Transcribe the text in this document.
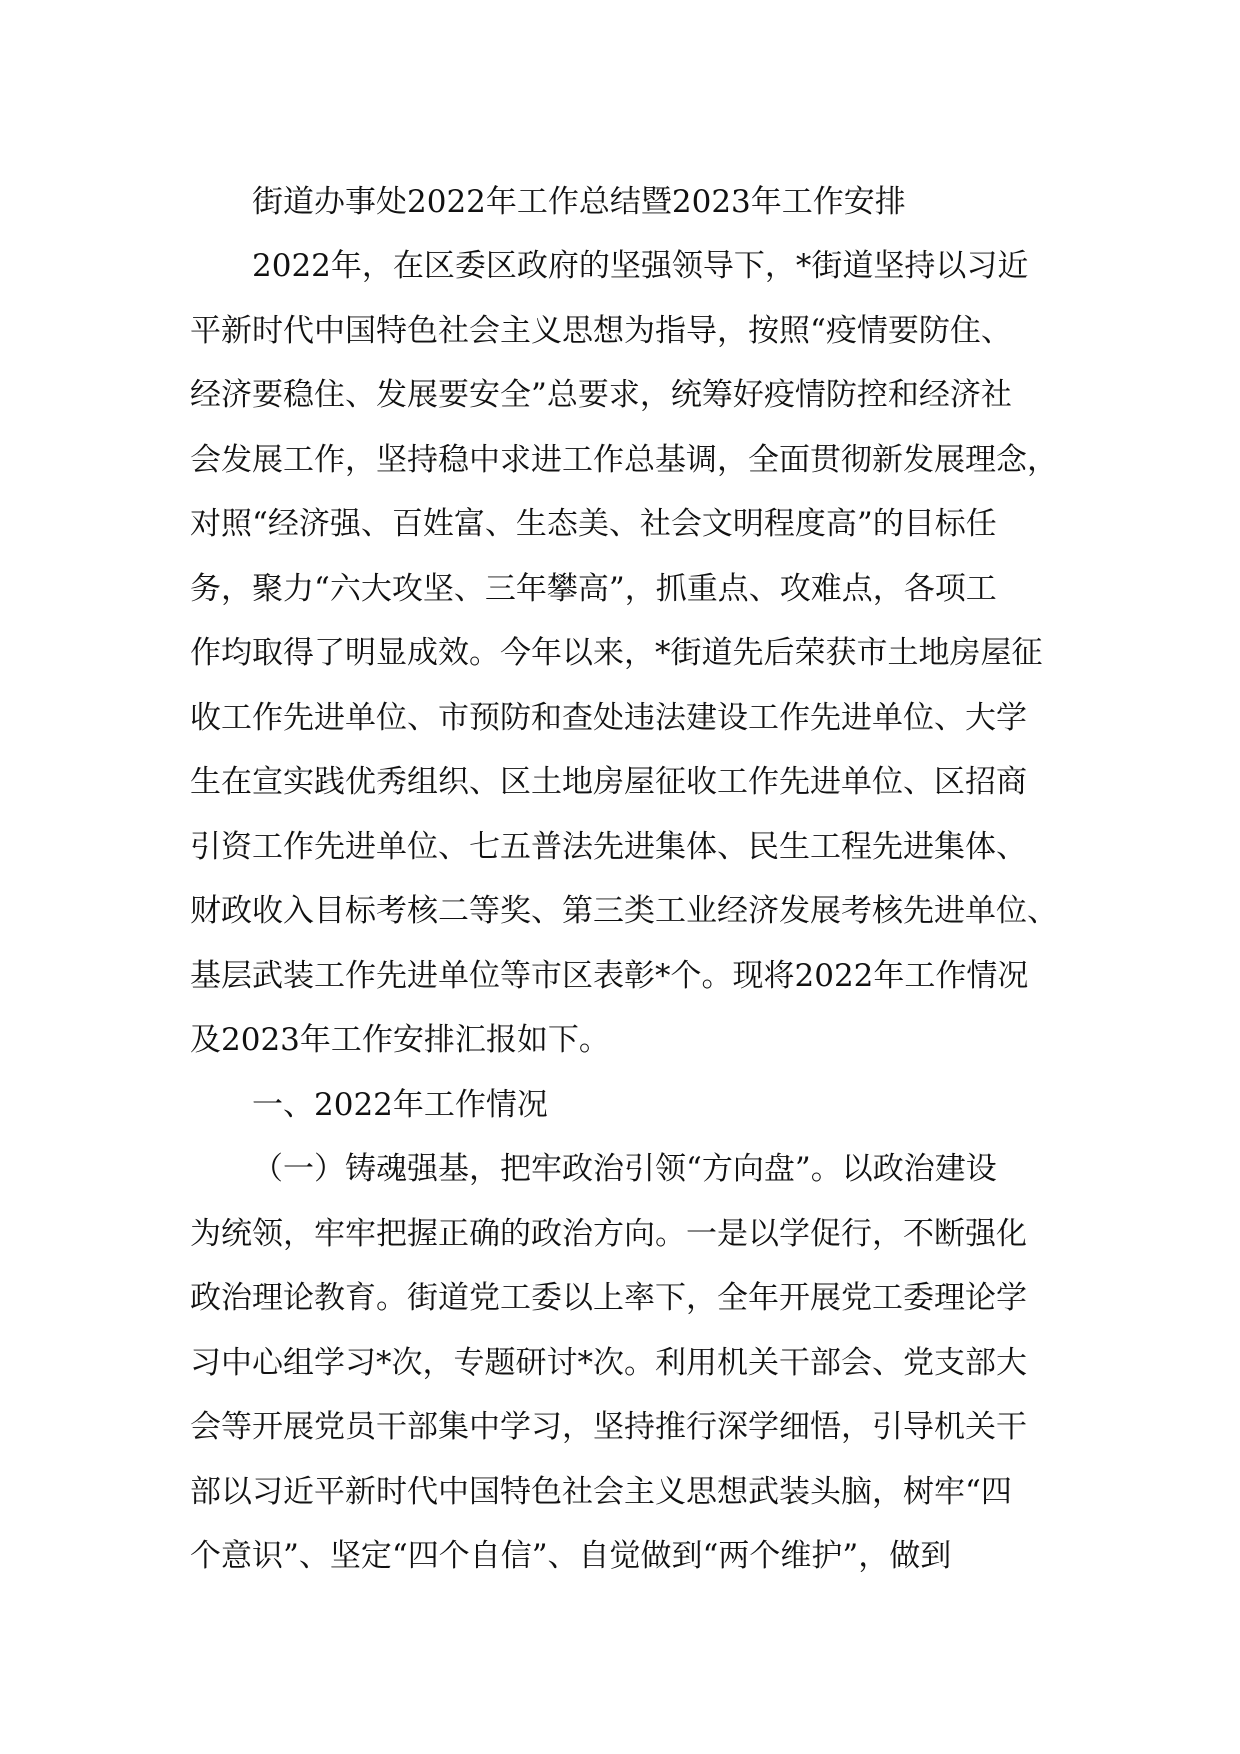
街道办事处2022年工作总结暨2023年工作安排
2022年，在区委区政府的坚强领导下，*街道坚持以习近
平新时代中国特色社会主义思想为指导，按照“疫情要防住、
经济要稳住、发展要安全”总要求，统筹好疫情防控和经济社
会发展工作，坚持稳中求进工作总基调，全面贯彻新发展理念，
对照“经济强、百姓富、生态美、社会文明程度高”的目标任
务，聚力“六大攻坚、三年攀高”，抓重点、攻难点，各项工
作均取得了明显成效。今年以来，*街道先后荣获市土地房屋征
收工作先进单位、市预防和查处违法建设工作先进单位、大学
生在宣实践优秀组织、区土地房屋征收工作先进单位、区招商
引资工作先进单位、七五普法先进集体、民生工程先进集体、
财政收入目标考核二等奖、第三类工业经济发展考核先进单位、
基层武装工作先进单位等市区表彰*个。现将2022年工作情况
及2023年工作安排汇报如下。
一、2022年工作情况
（一）铸魂强基，把牢政治引领“方向盘”。以政治建设
为统领，牢牢把握正确的政治方向。一是以学促行，不断强化
政治理论教育。街道党工委以上率下，全年开展党工委理论学
习中心组学习*次，专题研讨*次。利用机关干部会、党支部大
会等开展党员干部集中学习，坚持推行深学细悟，引导机关干
部以习近平新时代中国特色社会主义思想武装头脑，树牢“四
个意识”、坚定“四个自信”、自觉做到“两个维护”，做到
